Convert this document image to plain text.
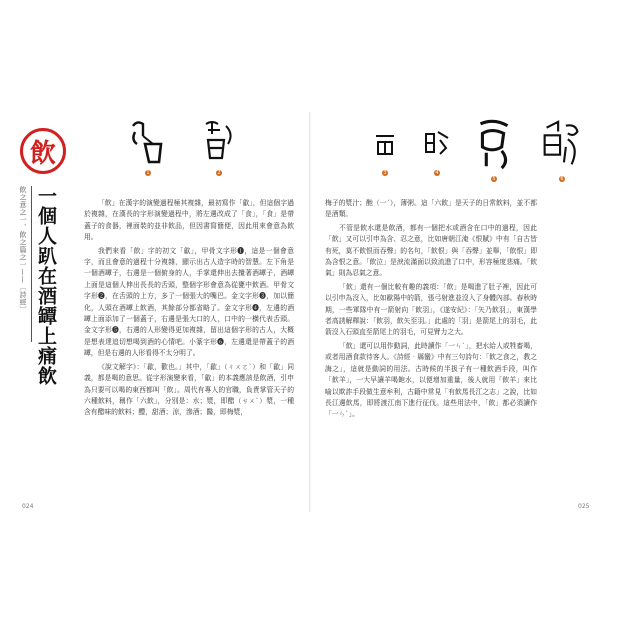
飲
一個人趴在酒罈上痛飲
飲之意之一、飲之篇之一——〔詩經〕
1	2

「飲」在漢字的演變過程極其複雜，最初寫作「歙」，但這個字過於複雜，在漢長的字形演變過程中，將左邊改成了「食」，「食」是帶蓋子的食器，裡面裝的並非飲品，但因書寫簡便，因此用來會意為飲用。

我們來看「飲」字的初文「歙」，甲骨文字形❶，這是一個會意字，而且會意的過程十分複雜，顯示出古人造字時的智慧。左下角是一個酒罈子，右邊是一個俯身的人，手掌還伸出去攪著酒罈子，酒罈上面是這個人伸出長長的舌頭，整個字形會意為從甕中飲酒。甲骨文字形❷，在舌頭的上方，多了一個張大的嘴巴。金文字形❸，加以簡化，人頭在酒罈上飲酒，其餘部分都省略了。金文字形❹，左邊的酒罈上面添加了一個蓋子，右邊是張大口的人，口中的一横代表舌頭。金文字形❺，右邊的人形變得更加複雜，留出這個字形的古人，大概是想表達追切想喝到酒的心情吧。小篆字形❻，左邊還是帶蓋子的酒罈，但是右邊的人形看得不太分明了。

《說文解字》：「歙，歡也。」其中，「歙」（ㄔㄨㄛˋ）和「歙」同義，都是喝的意思。從字形演變來看，「歙」的本義應該是飲酒，引申為只要可以喝的東西都叫「飲」。周代有專人的官職，負責掌管天子的六種飲料，稱作「六飲」，分別是：水；漿，即醋（ㄘㄨˋ）漿，一種含有醋味的飲料；醴，甜酒；涼，滲酒；醫，即梅漿，

024
3	4
5	6

梅子的漿汁；酏（一ˊ），薄粥。這「六飲」是天子的日常飲料，並不都是酒類。

不管是飲水還是飲酒，都有一個把水或酒含在口中的過程，因此「飲」又可以引申為含、忍之意，比如唐朝江淹《恨賦》中有「自古皆有死，莫不飲恨而吞聲」的名句，「飲恨」與「吞聲」並舉，「飲恨」即為含恨之意。「飲泣」是淚流滿面以致流進了口中，形容極度悲痛。「飲氣」則為忍氣之意。

「飲」還有一個比較有趣的義項：「飲」是喝進了肚子裡，因此可以引申為沒入，比如歐陽中的箭，張弓射進並沒入了身體內部。春秋時期，一些軍隊中有一箭射向「飲羽」，《遂安紀》：「矢乃飲羽」，東漢學者高誘解釋說：「飲羽，飲矢至羽。」此處的「羽」是箭尾上的羽毛，此箭沒入石頭直至箭尾上的羽毛，可見臂力之大。

「飲」還可以用作動詞，此時讀作「一ㄣˋ」，把水給人或牲畜喝，或者用酒食款待客人。《詩經‧縣蠻》中有三句詩句：「飲之食之，教之誨之」，這就是動詞的用法。古時候的半扱子有一種飲酒手段，叫作「飲羊」，一大早讓羊喝飽水，以便增加重量，後人就用「飲羊」來比喻以欺詐手段做生意牟利，古籍中常見「有飲馬長江之志」之說，比如長江邊飲馬，即將渡江南下進行征伐。這些用法中，「飲」都必須讀作「一ㄣˋ」。

025
